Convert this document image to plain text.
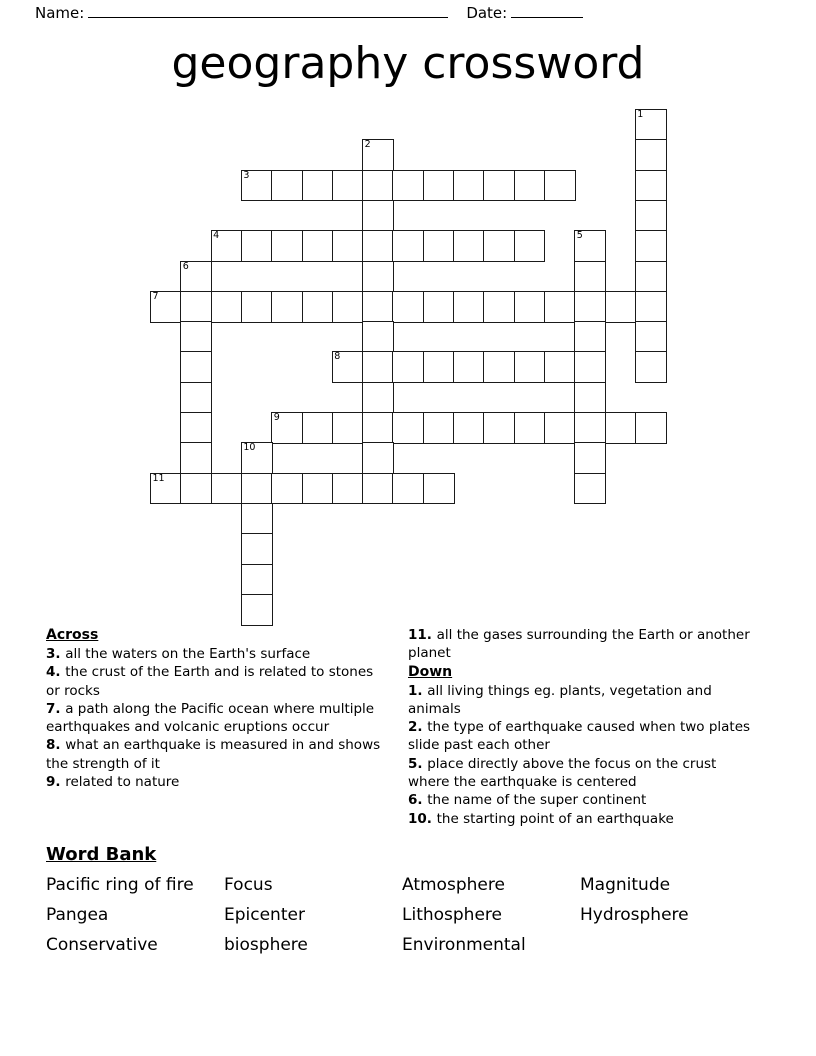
Name:	Date:
geography crossword
1
2
3
4	5
6
7
8
9
10
11
Across
3. all the waters on the Earth's surface
4. the crust of the Earth and is related to stones or rocks
7. a path along the Pacific ocean where multiple earthquakes and volcanic eruptions occur
8. what an earthquake is measured in and shows the strength of it
9. related to nature
11. all the gases surrounding the Earth or another planet
Down
1. all living things eg. plants, vegetation and animals
2. the type of earthquake caused when two plates slide past each other
5. place directly above the focus on the crust where the earthquake is centered
6. the name of the super continent
10. the starting point of an earthquake
Word Bank
Pacific ring of fire	Focus	Atmosphere	Magnitude
Pangea	Epicenter	Lithosphere	Hydrosphere
Conservative	biosphere	Environmental
